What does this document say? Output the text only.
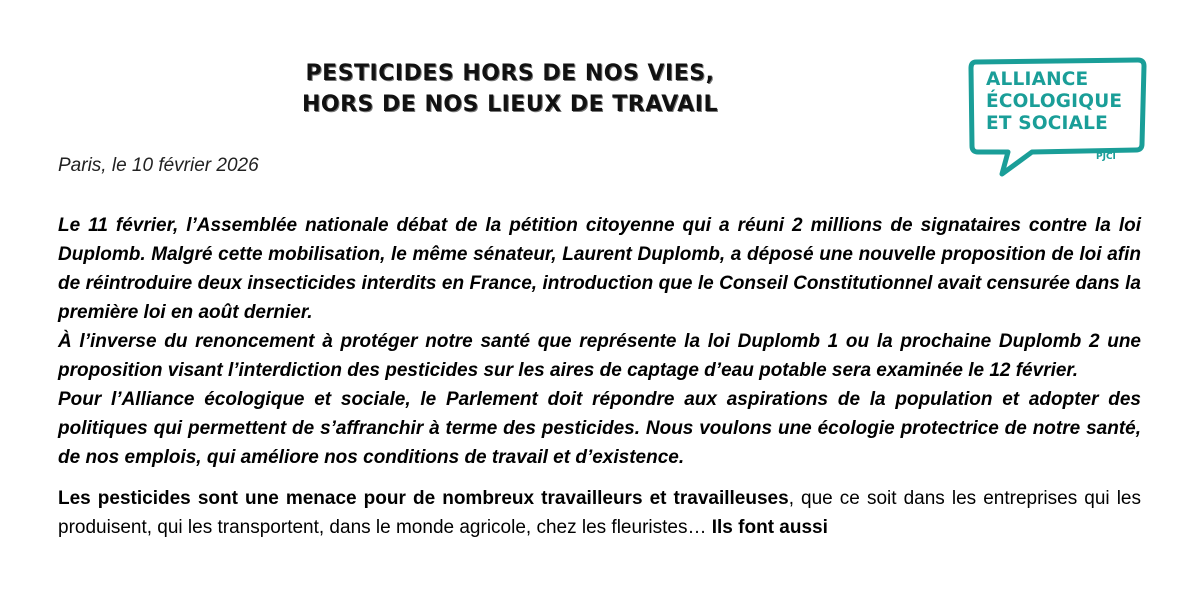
PESTICIDES HORS DE NOS VIES,
HORS DE NOS LIEUX DE TRAVAIL
ALLIANCE
ÉCOLOGIQUE
ET SOCIALE
PJCI
Paris, le 10 février 2026

Le 11 février, l’Assemblée nationale débat de la pétition citoyenne qui a réuni 2 millions de signataires contre la loi Duplomb. Malgré cette mobilisation, le même sénateur, Laurent Duplomb, a déposé une nouvelle proposition de loi afin de réintroduire deux insecticides interdits en France, introduction que le Conseil Constitutionnel avait censurée dans la première loi en août dernier.

À l’inverse du renoncement à protéger notre santé que représente la loi Duplomb 1 ou la prochaine Duplomb 2 une proposition visant l’interdiction des pesticides sur les aires de captage d’eau potable sera examinée le 12 février.

Pour l’Alliance écologique et sociale, le Parlement doit répondre aux aspirations de la population et adopter des politiques qui permettent de s’affranchir à terme des pesticides. Nous voulons une écologie protectrice de notre santé, de nos emplois, qui améliore nos conditions de travail et d’existence.

Les pesticides sont une menace pour de nombreux travailleurs et travailleuses, que ce soit dans les entreprises qui les produisent, qui les transportent, dans le monde agricole, chez les fleuristes… Ils font aussi
